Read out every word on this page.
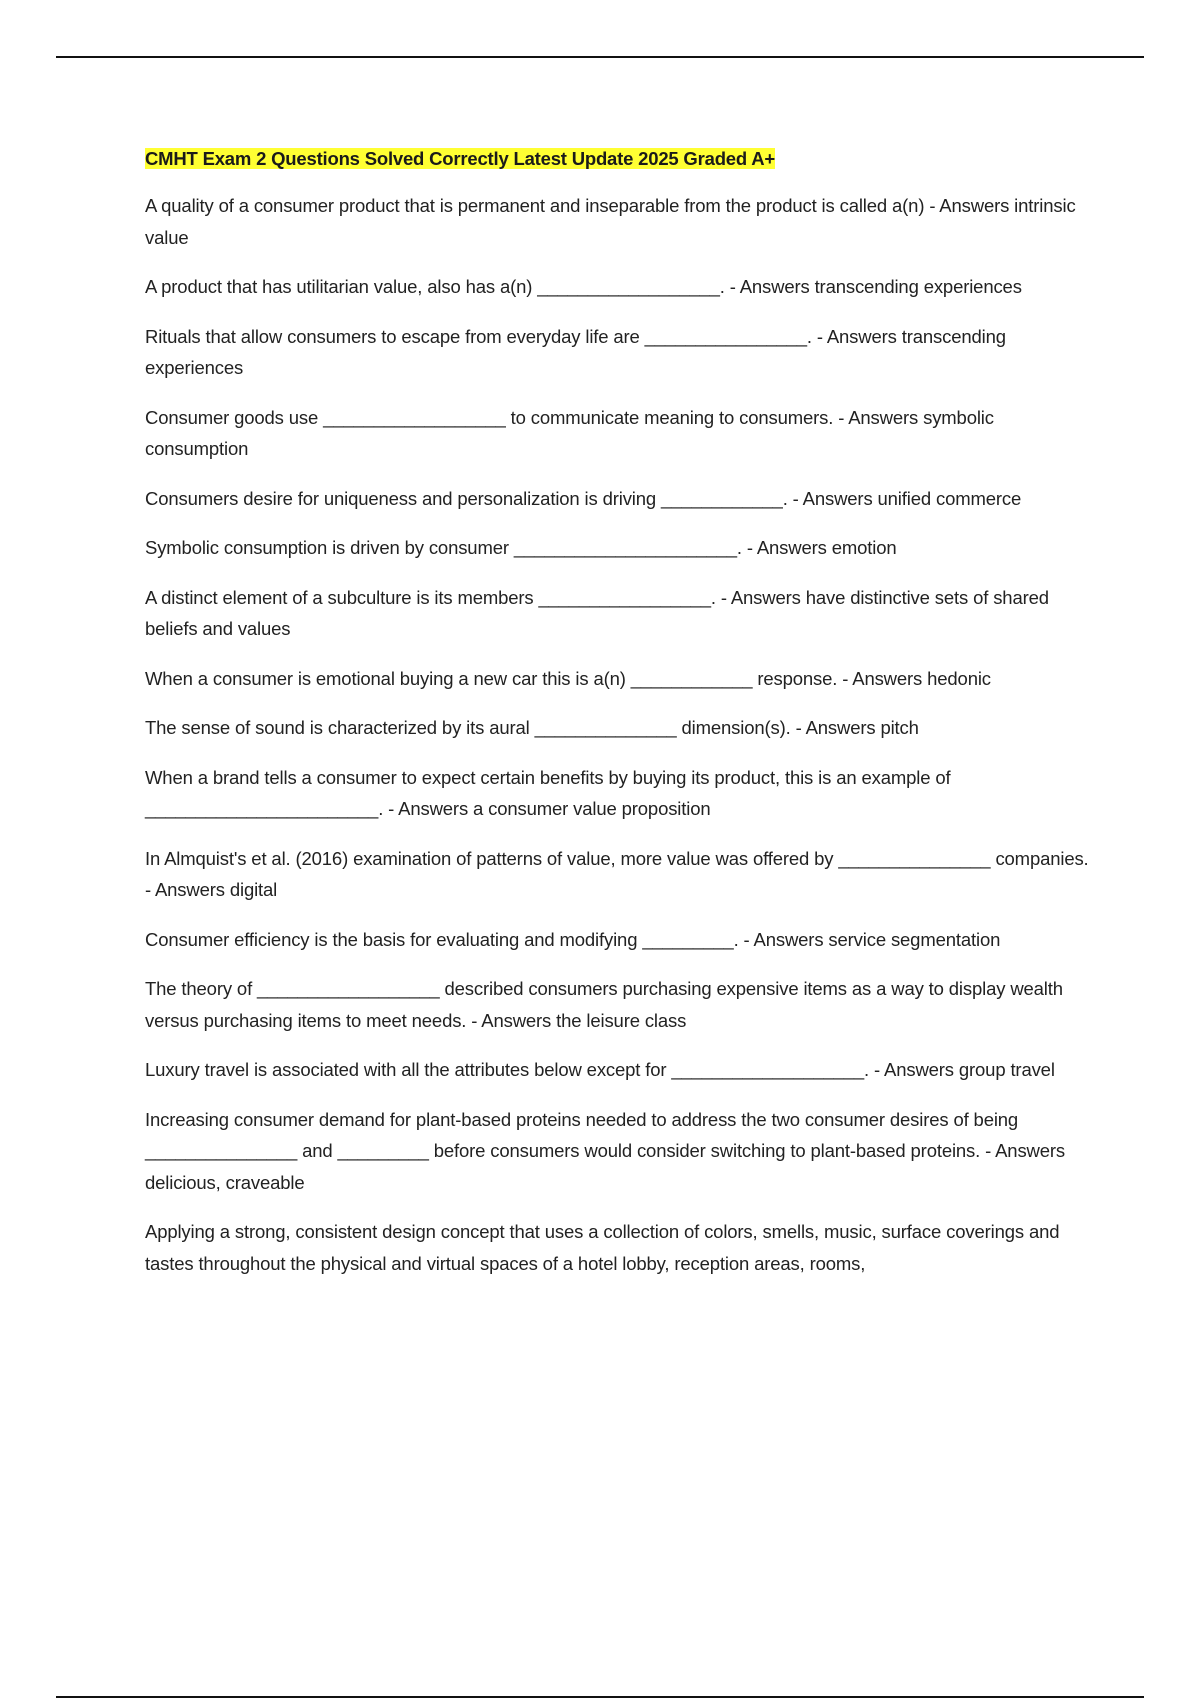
CMHT Exam 2 Questions Solved Correctly Latest Update 2025 Graded A+

A quality of a consumer product that is permanent and inseparable from the product is called a(n) - Answers intrinsic value

A product that has utilitarian value, also has a(n) __________________. - Answers transcending experiences

Rituals that allow consumers to escape from everyday life are ________________. - Answers transcending experiences

Consumer goods use __________________ to communicate meaning to consumers. - Answers symbolic consumption

Consumers desire for uniqueness and personalization is driving ____________. - Answers unified commerce

Symbolic consumption is driven by consumer ______________________. - Answers emotion

A distinct element of a subculture is its members _________________. - Answers have distinctive sets of shared beliefs and values

When a consumer is emotional buying a new car this is a(n) ____________ response. - Answers hedonic

The sense of sound is characterized by its aural ______________ dimension(s). - Answers pitch

When a brand tells a consumer to expect certain benefits by buying its product, this is an example of _______________________. - Answers a consumer value proposition

In Almquist's et al. (2016) examination of patterns of value, more value was offered by _______________ companies. - Answers digital

Consumer efficiency is the basis for evaluating and modifying _________. - Answers service segmentation

The theory of __________________ described consumers purchasing expensive items as a way to display wealth versus purchasing items to meet needs. - Answers the leisure class

Luxury travel is associated with all the attributes below except for ___________________. - Answers group travel

Increasing consumer demand for plant-based proteins needed to address the two consumer desires of being _______________ and _________ before consumers would consider switching to plant-based proteins. - Answers delicious, craveable

Applying a strong, consistent design concept that uses a collection of colors, smells, music, surface coverings and tastes throughout the physical and virtual spaces of a hotel lobby, reception areas, rooms,
